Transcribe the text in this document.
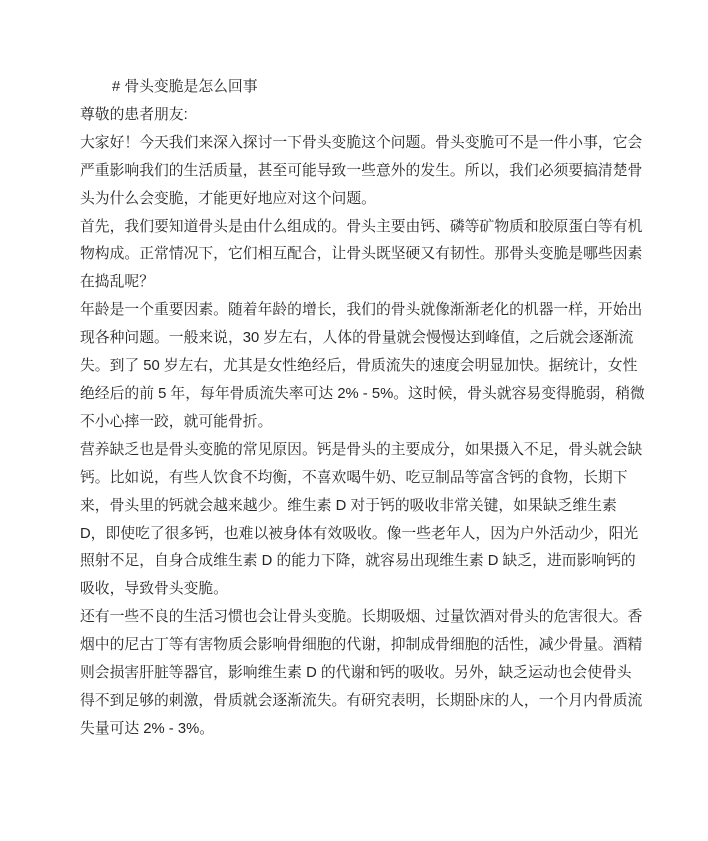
# 骨头变脆是怎么回事

尊敬的患者朋友:

大家好！今天我们来深入探讨一下骨头变脆这个问题。骨头变脆可不是一件小事，它会严重影响我们的生活质量，甚至可能导致一些意外的发生。所以，我们必须要搞清楚骨头为什么会变脆，才能更好地应对这个问题。

首先，我们要知道骨头是由什么组成的。骨头主要由钙、磷等矿物质和胶原蛋白等有机物构成。正常情况下，它们相互配合，让骨头既坚硬又有韧性。那骨头变脆是哪些因素在捣乱呢？

年龄是一个重要因素。随着年龄的增长，我们的骨头就像渐渐老化的机器一样，开始出现各种问题。一般来说，30 岁左右，人体的骨量就会慢慢达到峰值，之后就会逐渐流失。到了 50 岁左右，尤其是女性绝经后，骨质流失的速度会明显加快。据统计，女性绝经后的前 5 年，每年骨质流失率可达 2% - 5%。这时候，骨头就容易变得脆弱，稍微不小心摔一跤，就可能骨折。

营养缺乏也是骨头变脆的常见原因。钙是骨头的主要成分，如果摄入不足，骨头就会缺钙。比如说，有些人饮食不均衡，不喜欢喝牛奶、吃豆制品等富含钙的食物，长期下来，骨头里的钙就会越来越少。维生素 D 对于钙的吸收非常关键，如果缺乏维生素 D，即使吃了很多钙，也难以被身体有效吸收。像一些老年人，因为户外活动少，阳光照射不足，自身合成维生素 D 的能力下降，就容易出现维生素 D 缺乏，进而影响钙的吸收，导致骨头变脆。

还有一些不良的生活习惯也会让骨头变脆。长期吸烟、过量饮酒对骨头的危害很大。香烟中的尼古丁等有害物质会影响骨细胞的代谢，抑制成骨细胞的活性，减少骨量。酒精则会损害肝脏等器官，影响维生素 D 的代谢和钙的吸收。另外，缺乏运动也会使骨头得不到足够的刺激，骨质就会逐渐流失。有研究表明，长期卧床的人，一个月内骨质流失量可达 2% - 3%。
